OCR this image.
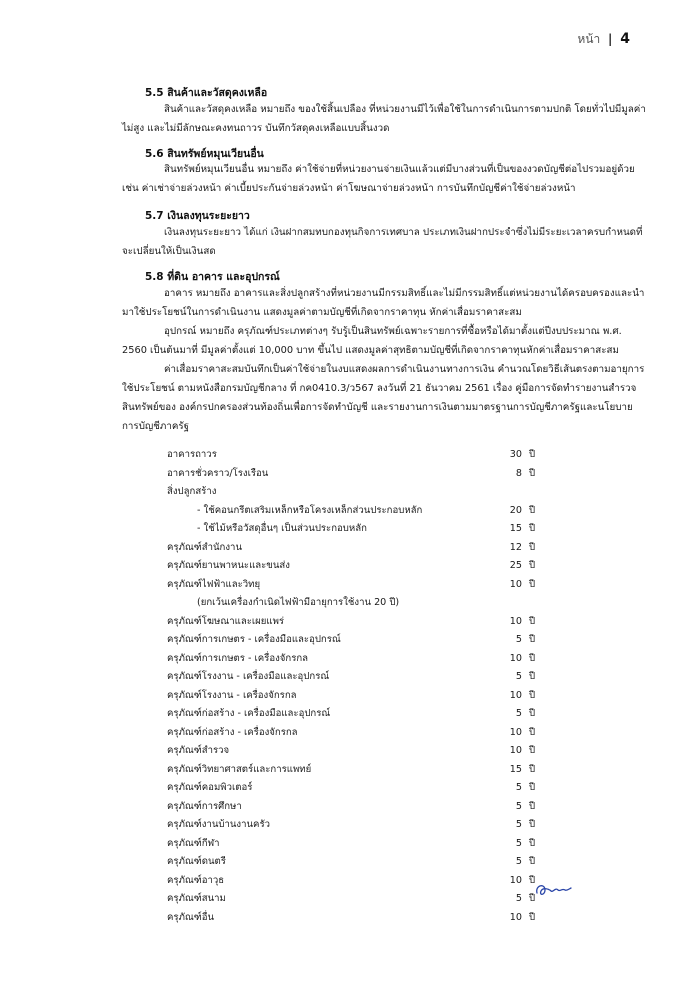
หน้า | 4
5.5 สินค้าและวัสดุคงเหลือ

สินค้าและวัสดุคงเหลือ หมายถึง ของใช้สิ้นเปลือง ที่หน่วยงานมีไว้เพื่อใช้ในการดำเนินการตามปกติ โดยทั่วไปมีมูลค่าไม่สูง และไม่มีลักษณะคงทนถาวร บันทึกวัสดุคงเหลือแบบสิ้นงวด

5.6 สินทรัพย์หมุนเวียนอื่น

สินทรัพย์หมุนเวียนอื่น หมายถึง ค่าใช้จ่ายที่หน่วยงานจ่ายเงินแล้วแต่มีบางส่วนที่เป็นของงวดบัญชีต่อไปรวมอยู่ด้วย เช่น ค่าเช่าจ่ายล่วงหน้า ค่าเบี้ยประกันจ่ายล่วงหน้า ค่าโฆษณาจ่ายล่วงหน้า การบันทึกบัญชีค่าใช้จ่ายล่วงหน้า

5.7 เงินลงทุนระยะยาว

เงินลงทุนระยะยาว ได้แก่ เงินฝากสมทบกองทุนกิจการเทศบาล ประเภทเงินฝากประจำซึ่งไม่มีระยะเวลาครบกำหนดที่จะเปลี่ยนให้เป็นเงินสด

5.8 ที่ดิน อาคาร และอุปกรณ์

อาคาร หมายถึง อาคารและสิ่งปลูกสร้างที่หน่วยงานมีกรรมสิทธิ์และไม่มีกรรมสิทธิ์แต่หน่วยงานได้ครอบครองและนำมาใช้ประโยชน์ในการดำเนินงาน แสดงมูลค่าตามบัญชีที่เกิดจากราคาทุน หักค่าเสื่อมราคาสะสม

อุปกรณ์ หมายถึง ครุภัณฑ์ประเภทต่างๆ รับรู้เป็นสินทรัพย์เฉพาะรายการที่ซื้อหรือได้มาตั้งแต่ปีงบประมาณ พ.ศ. 2560 เป็นต้นมาที่ มีมูลค่าตั้งแต่ 10,000 บาท ขึ้นไป แสดงมูลค่าสุทธิตามบัญชีที่เกิดจากราคาทุนหักค่าเสื่อมราคาสะสม

ค่าเสื่อมราคาสะสมบันทึกเป็นค่าใช้จ่ายในงบแสดงผลการดำเนินงานทางการเงิน คำนวณโดยวิธีเส้นตรงตามอายุการใช้ประโยชน์ ตามหนังสือกรมบัญชีกลาง ที่ กค0410.3/ว567 ลงวันที่ 21 ธันวาคม 2561 เรื่อง คู่มือการจัดทำรายงานสำรวจสินทรัพย์ของ องค์กรปกครองส่วนท้องถิ่นเพื่อการจัดทำบัญชี และรายงานการเงินตามมาตรฐานการบัญชีภาครัฐและนโยบายการบัญชีภาครัฐ

อาคารถาวร	30 ปี
อาคารชั่วคราว/โรงเรือน	8 ปี
สิ่งปลูกสร้าง
- ใช้คอนกรีตเสริมเหล็กหรือโครงเหล็กส่วนประกอบหลัก	20 ปี
- ใช้ไม้หรือวัสดุอื่นๆ เป็นส่วนประกอบหลัก	15 ปี
ครุภัณฑ์สำนักงาน	12 ปี
ครุภัณฑ์ยานพาหนะและขนส่ง	25 ปี
ครุภัณฑ์ไฟฟ้าและวิทยุ	10 ปี
(ยกเว้นเครื่องกำเนิดไฟฟ้ามีอายุการใช้งาน 20 ปี)
ครุภัณฑ์โฆษณาและเผยแพร่	10 ปี
ครุภัณฑ์การเกษตร - เครื่องมือและอุปกรณ์	5 ปี
ครุภัณฑ์การเกษตร - เครื่องจักรกล	10 ปี
ครุภัณฑ์โรงงาน - เครื่องมือและอุปกรณ์	5 ปี
ครุภัณฑ์โรงงาน - เครื่องจักรกล	10 ปี
ครุภัณฑ์ก่อสร้าง - เครื่องมือและอุปกรณ์	5 ปี
ครุภัณฑ์ก่อสร้าง - เครื่องจักรกล	10 ปี
ครุภัณฑ์สำรวจ	10 ปี
ครุภัณฑ์วิทยาศาสตร์และการแพทย์	15 ปี
ครุภัณฑ์คอมพิวเตอร์	5 ปี
ครุภัณฑ์การศึกษา	5 ปี
ครุภัณฑ์งานบ้านงานครัว	5 ปี
ครุภัณฑ์กีฬา	5 ปี
ครุภัณฑ์ดนตรี	5 ปี
ครุภัณฑ์อาวุธ	10 ปี
ครุภัณฑ์สนาม	5 ปี
ครุภัณฑ์อื่น	10 ปี
